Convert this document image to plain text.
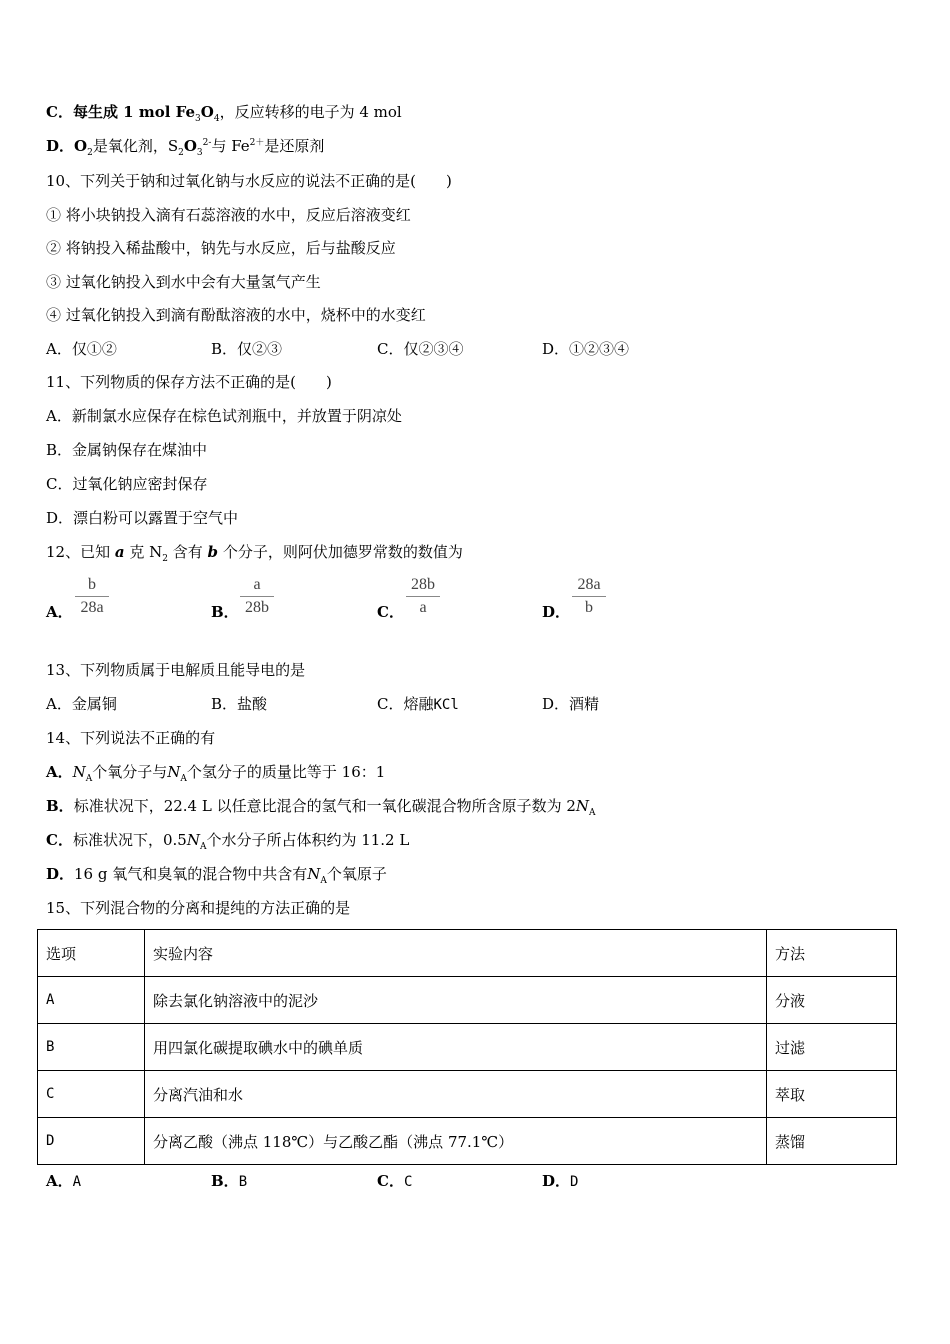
C．每生成 1 mol $Fe_3O_4$，反应转移的电子为 4 mol
D．$O_2$是氧化剂，$S_2O_3^{2-}$与 $Fe^{2+}$是还原剂
10、下列关于钠和过氧化钠与水反应的说法不正确的是(　　)
① 将小块钠投入滴有石蕊溶液的水中，反应后溶液变红
② 将钠投入稀盐酸中，钠先与水反应，后与盐酸反应
③ 过氧化钠投入到水中会有大量氢气产生
④ 过氧化钠投入到滴有酚酞溶液的水中，烧杯中的水变红
A．仅①②	B．仅②③	C．仅②③④	D．①②③④
11、下列物质的保存方法不正确的是(　　)
A．新制氯水应保存在棕色试剂瓶中，并放置于阴凉处
B．金属钠保存在煤油中
C．过氧化钠应密封保存
D．漂白粉可以露置于空气中
12、已知 a 克 $N_2$ 含有 b 个分子，则阿伏加德罗常数的数值为
A．
b
28a	B．
a
28b	C．
28b
a	D．
28a
b
13、下列物质属于电解质且能导电的是
A．金属铜	B．盐酸	C．熔融KCl	D．酒精
14、下列说法不正确的有
A．$N_A$个氧分子与$N_A$个氢分子的质量比等于 16：1
B．标准状况下，22.4 L 以任意比混合的氢气和一氧化碳混合物所含原子数为 $2N_A$
C．标准状况下，$0.5N_A$个水分子所占体积约为 11.2 L
D．16 g 氧气和臭氧的混合物中共含有$N_A$个氧原子
15、下列混合物的分离和提纯的方法正确的是
选项	实验内容	方法
A	除去氯化钠溶液中的泥沙	分液
B	用四氯化碳提取碘水中的碘单质	过滤
C	分离汽油和水	萃取
D	分离乙酸（沸点 118℃）与乙酸乙酯（沸点 77.1℃）	蒸馏
A．A	B．B	C．C	D．D
